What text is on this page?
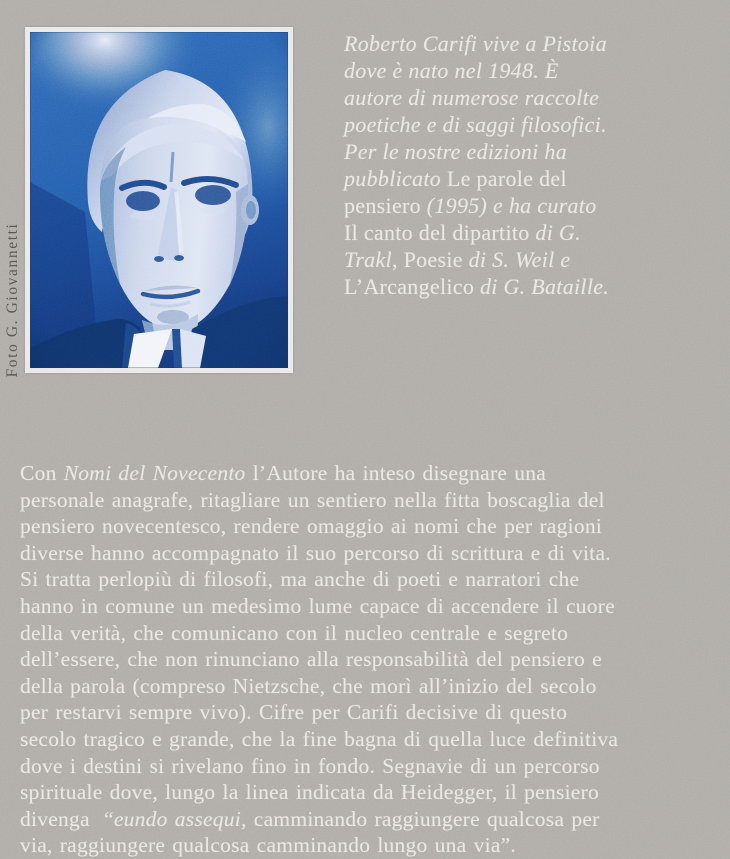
Foto G. Giovannetti
Roberto Carifi vive a Pistoia
dove è nato nel 1948. È
autore di numerose raccolte
poetiche e di saggi filosofici.
Per le nostre edizioni ha
pubblicato Le parole del
pensiero (1995) e ha curato
Il canto del dipartito di G.
Trakl, Poesie di S. Weil e
L’Arcangelico di G. Bataille.
Con Nomi del Novecento l’Autore ha inteso disegnare una
personale anagrafe, ritagliare un sentiero nella fitta boscaglia del
pensiero novecentesco, rendere omaggio ai nomi che per ragioni
diverse hanno accompagnato il suo percorso di scrittura e di vita.
Si tratta perlopiù di filosofi, ma anche di poeti e narratori che
hanno in comune un medesimo lume capace di accendere il cuore
della verità, che comunicano con il nucleo centrale e segreto
dell’essere, che non rinunciano alla responsabilità del pensiero e
della parola (compreso Nietzsche, che morì all’inizio del secolo
per restarvi sempre vivo). Cifre per Carifi decisive di questo
secolo tragico e grande, che la fine bagna di quella luce definitiva
dove i destini si rivelano fino in fondo. Segnavie di un percorso
spirituale dove, lungo la linea indicata da Heidegger, il pensiero
divenga  “eundo assequi, camminando raggiungere qualcosa per
via, raggiungere qualcosa camminando lungo una via”.
